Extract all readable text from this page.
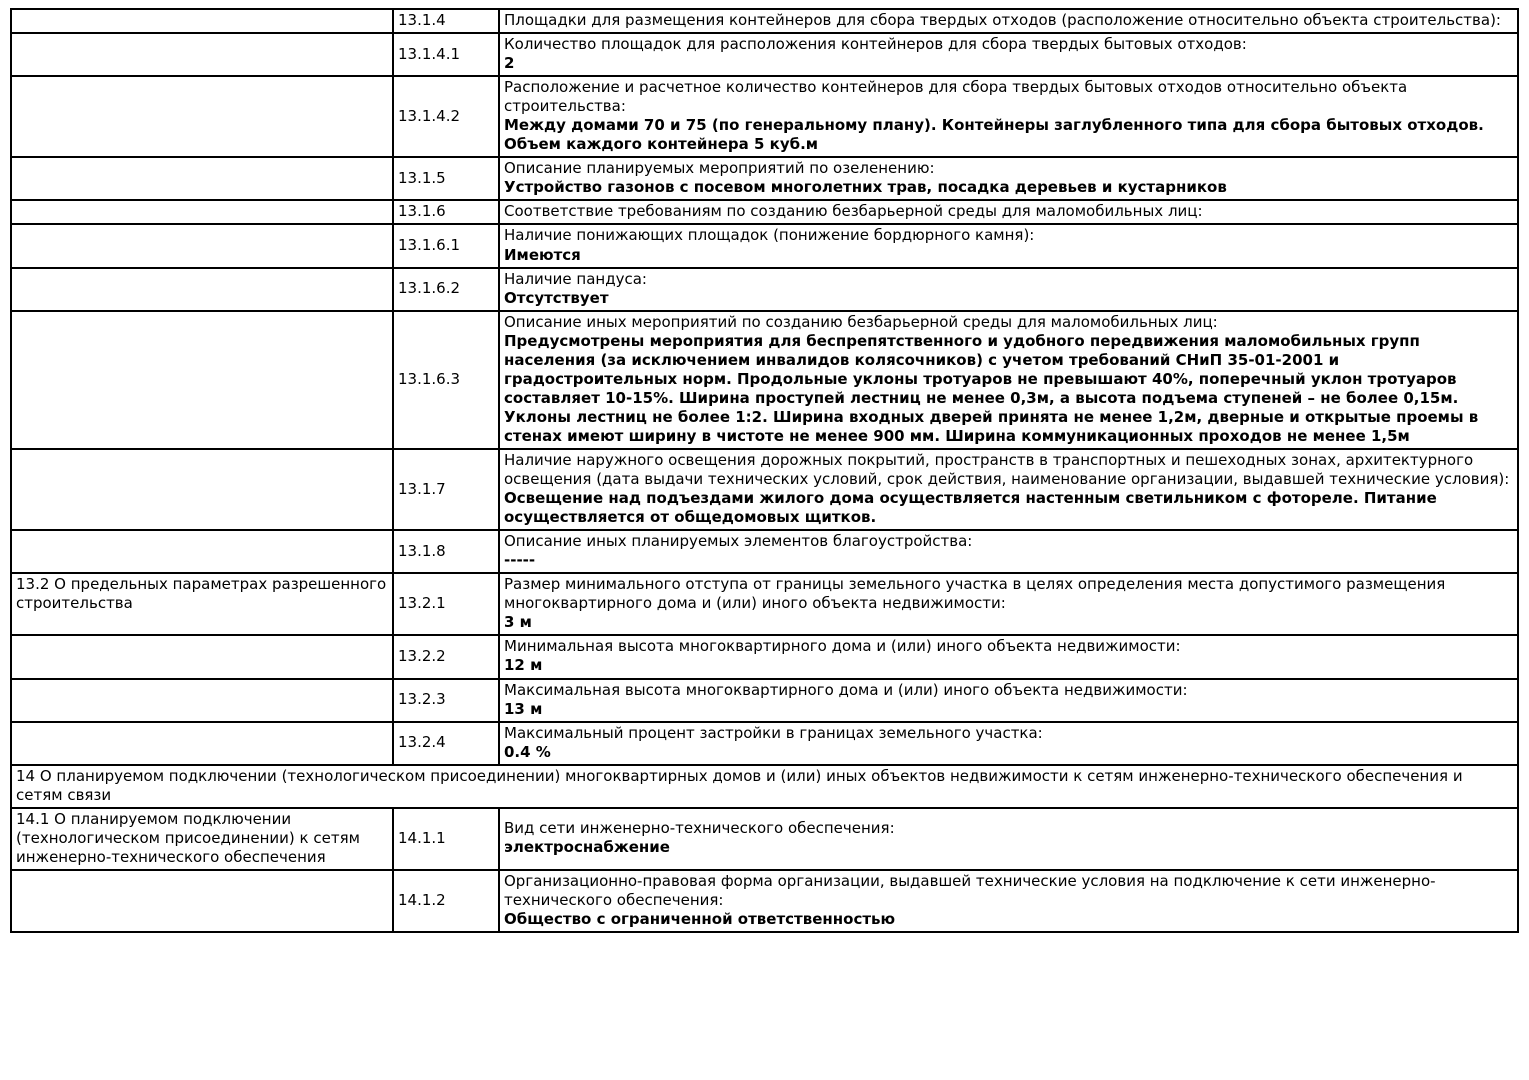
	13.1.4	Площадки для размещения контейнеров для сбора твердых отходов (расположение относительно объекта строительства):

	13.1.4.1	Количество площадок для расположения контейнеров для сбора твердых бытовых отходов:
2

	13.1.4.2	Расположение и расчетное количество контейнеров для сбора твердых бытовых отходов относительно объекта строительства:
Между домами 70 и 75 (по генеральному плану). Контейнеры заглубленного типа для сбора бытовых отходов. Объем каждого контейнера 5 куб.м

	13.1.5	Описание планируемых мероприятий по озеленению:
Устройство газонов с посевом многолетних трав, посадка деревьев и кустарников

	13.1.6	Соответствие требованиям по созданию безбарьерной среды для маломобильных лиц:

	13.1.6.1	Наличие понижающих площадок (понижение бордюрного камня):
Имеются

	13.1.6.2	Наличие пандуса:
Отсутствует

	13.1.6.3	Описание иных мероприятий по созданию безбарьерной среды для маломобильных лиц:
Предусмотрены мероприятия для беспрепятственного и удобного передвижения маломобильных групп населения (за исключением инвалидов колясочников) с учетом требований СНиП 35-01-2001 и градостроительных норм. Продольные уклоны тротуаров не превышают 40%, поперечный уклон тротуаров составляет 10-15%. Ширина проступей лестниц не менее 0,3м, а высота подъема ступеней – не более 0,15м. Уклоны лестниц не более 1:2. Ширина входных дверей принята не менее 1,2м, дверные и открытые проемы в стенах имеют ширину в чистоте не менее 900 мм. Ширина коммуникационных проходов не менее 1,5м

	13.1.7	Наличие наружного освещения дорожных покрытий, пространств в транспортных и пешеходных зонах, архитектурного освещения (дата выдачи технических условий, срок действия, наименование организации, выдавшей технические условия):
Освещение над подъездами жилого дома осуществляется настенным светильником с фотореле. Питание осуществляется от общедомовых щитков.

	13.1.8	Описание иных планируемых элементов благоустройства:
-----

13.2 О предельных параметрах разрешенного строительства	13.2.1	Размер минимального отступа от границы земельного участка в целях определения места допустимого размещения многоквартирного дома и (или) иного объекта недвижимости:
3 м

	13.2.2	Минимальная высота многоквартирного дома и (или) иного объекта недвижимости:
12 м

	13.2.3	Максимальная высота многоквартирного дома и (или) иного объекта недвижимости:
13 м

	13.2.4	Максимальный процент застройки в границах земельного участка:
0.4 %

14 О планируемом подключении (технологическом присоединении) многоквартирных домов и (или) иных объектов недвижимости к сетям инженерно-технического обеспечения и сетям связи		
14.1 О планируемом подключении (технологическом присоединении) к сетям инженерно-технического обеспечения	14.1.1	Вид сети инженерно-технического обеспечения:
электроснабжение

	14.1.2	Организационно-правовая форма организации, выдавшей технические условия на подключение к сети инженерно-технического обеспечения:
Общество с ограниченной ответственностью
